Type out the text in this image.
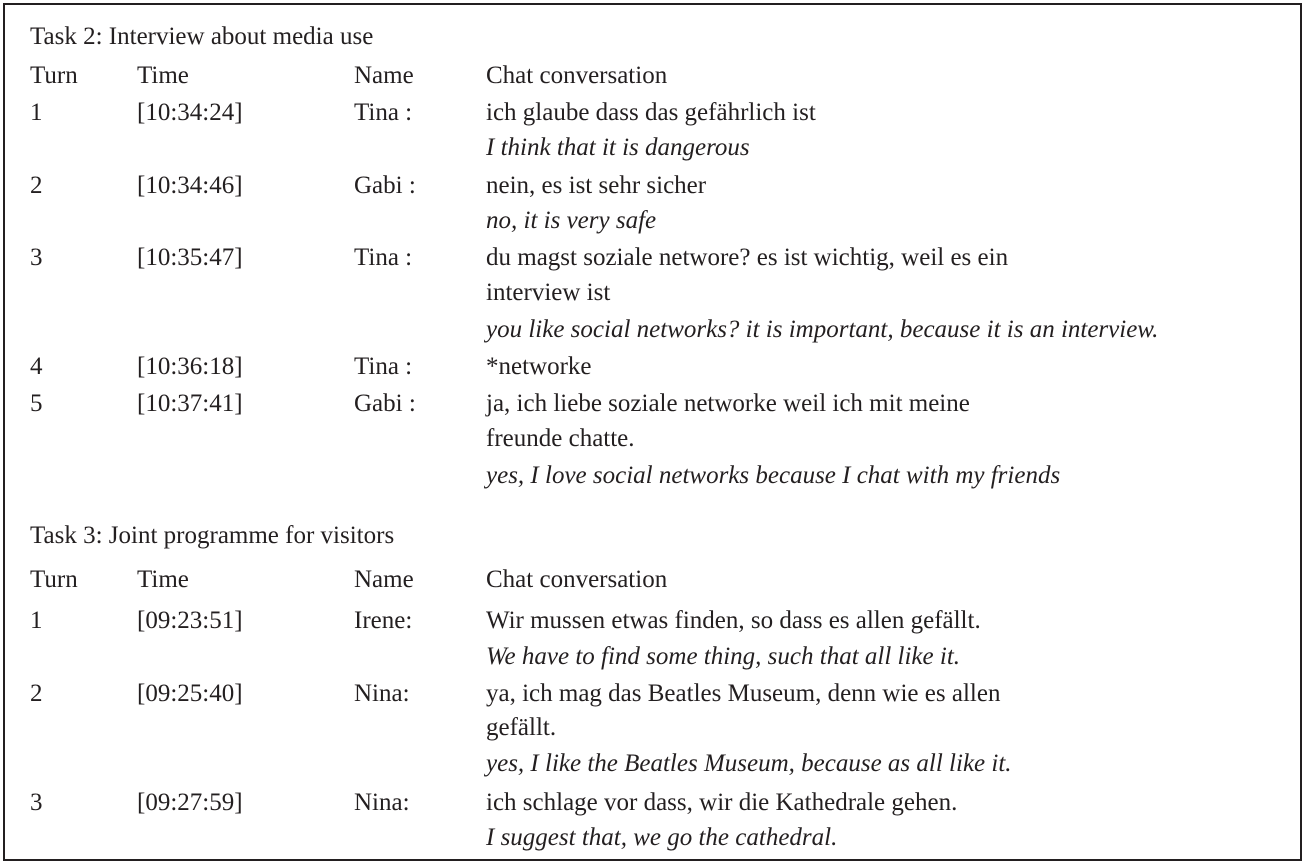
Task 2: Interview about media use
Turn Time	Name	Chat conversation
1	[10:34:24]	Tina :	ich glaube dass das gefährlich ist
I think that it is dangerous
2	[10:34:46]	Gabi :	nein, es ist sehr sicher
no, it is very safe
3	[10:35:47]	Tina :	du magst soziale networe? es ist wichtig, weil es ein
interview ist
you like social networks? it is important, because it is an interview.
4	[10:36:18]	Tina :	*networke
5	[10:37:41]	Gabi :	ja, ich liebe soziale networke weil ich mit meine
freunde chatte.
yes, I love social networks because I chat with my friends
Task 3: Joint programme for visitors
Turn Time	Name	Chat conversation
1	[09:23:51]	Irene:	Wir mussen etwas finden, so dass es allen gefällt.
We have to find some thing, such that all like it.
2	[09:25:40]	Nina:	ya, ich mag das Beatles Museum, denn wie es allen
gefällt.
yes, I like the Beatles Museum, because as all like it.
3	[09:27:59]	Nina:	ich schlage vor dass, wir die Kathedrale gehen.
I suggest that, we go the cathedral.
